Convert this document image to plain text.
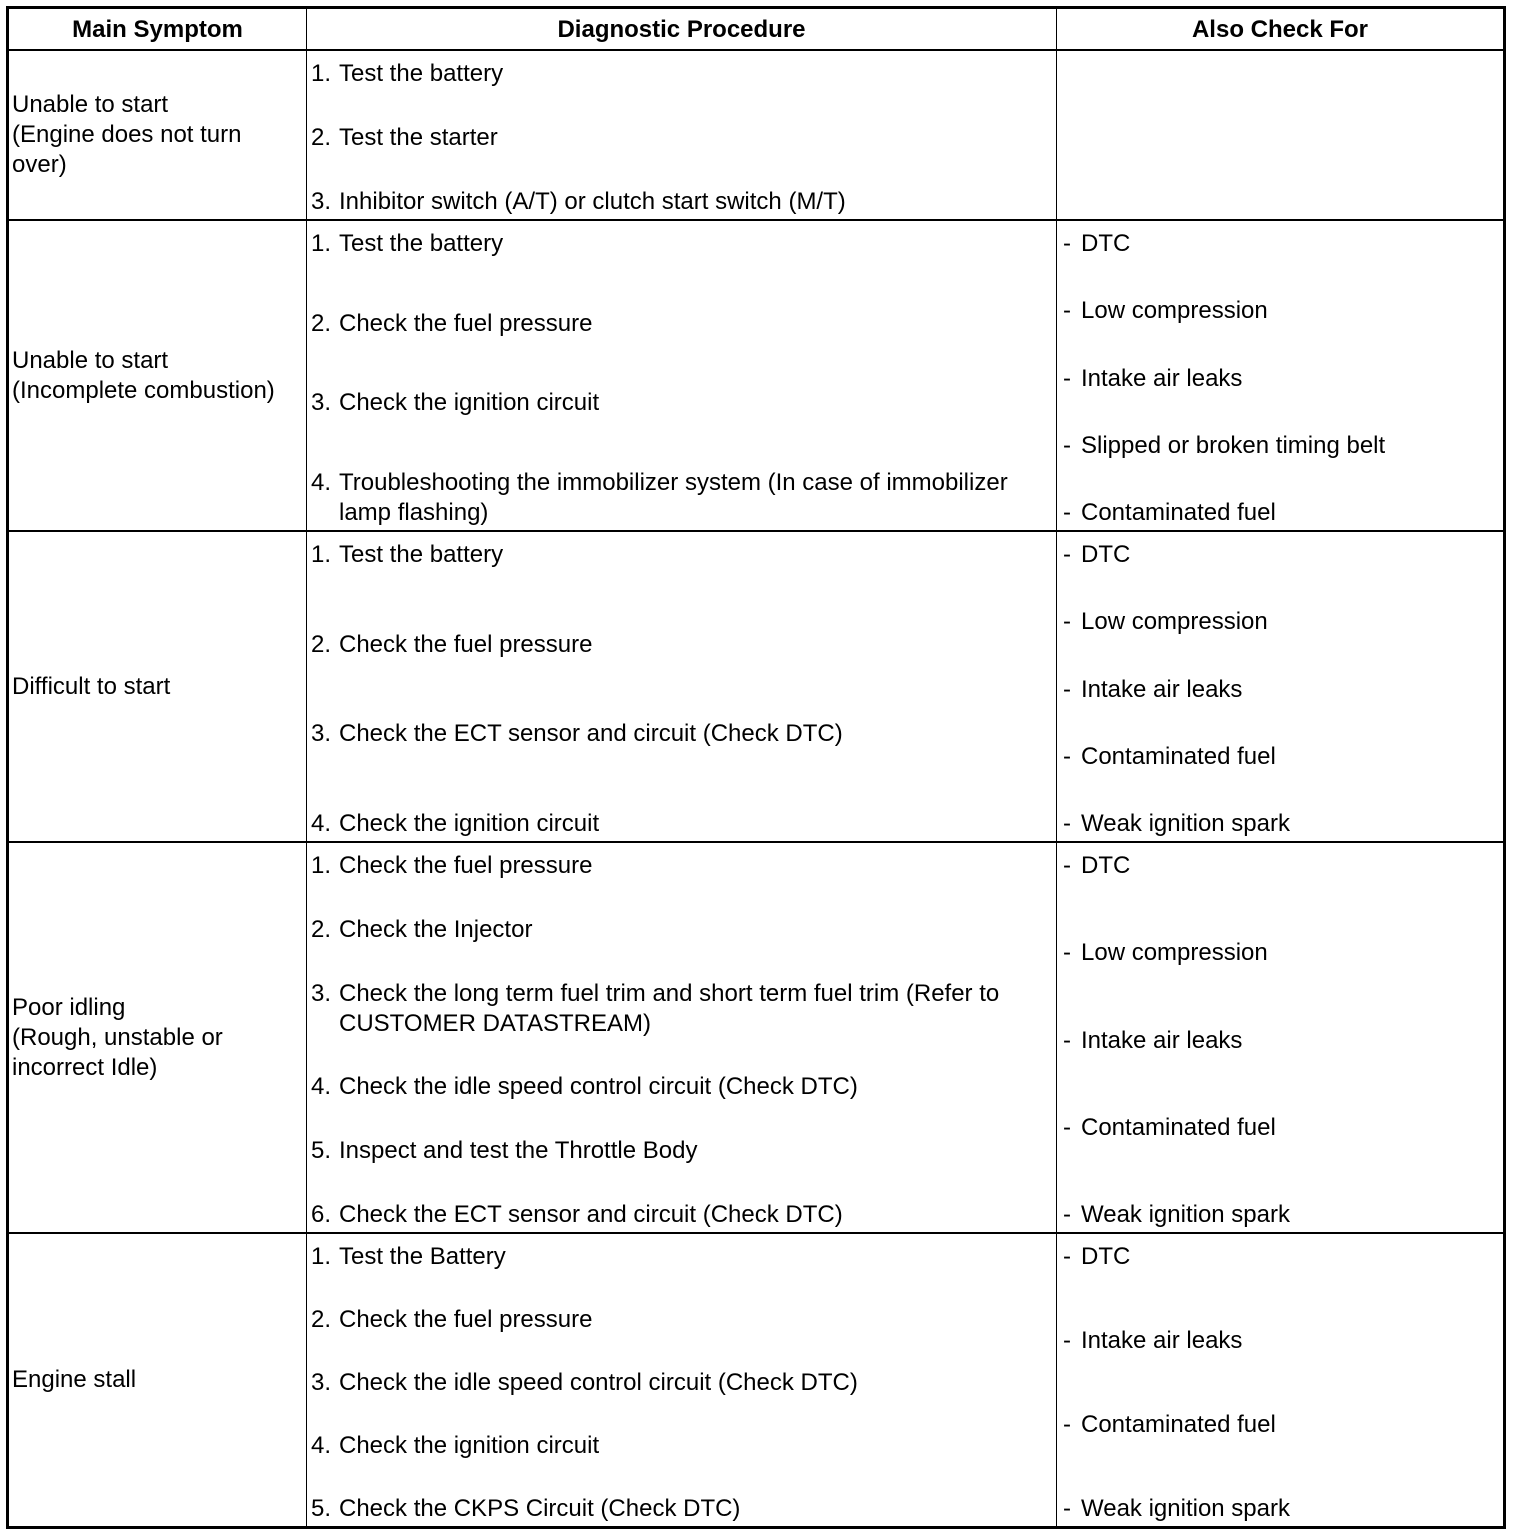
Main Symptom	Diagnostic Procedure	Also Check For
Unable to start
(Engine does not turn
over)
1. Test the battery
2. Test the starter
3. Inhibitor switch (A/T) or clutch start switch (M/T)
Unable to start
(Incomplete combustion)
1. Test the battery
2. Check the fuel pressure
3. Check the ignition circuit
4. Troubleshooting the immobilizer system (In case of immobilizer lamp flashing)
- DTC
- Low compression
- Intake air leaks
- Slipped or broken timing belt
- Contaminated fuel
Difficult to start
1. Test the battery
2. Check the fuel pressure
3. Check the ECT sensor and circuit (Check DTC)
4. Check the ignition circuit
- DTC
- Low compression
- Intake air leaks
- Contaminated fuel
- Weak ignition spark
Poor idling
(Rough, unstable or
incorrect Idle)
1. Check the fuel pressure
2. Check the Injector
3. Check the long term fuel trim and short term fuel trim (Refer to CUSTOMER DATASTREAM)
4. Check the idle speed control circuit (Check DTC)
5. Inspect and test the Throttle Body
6. Check the ECT sensor and circuit (Check DTC)
- DTC
- Low compression
- Intake air leaks
- Contaminated fuel
- Weak ignition spark
Engine stall
1. Test the Battery
2. Check the fuel pressure
3. Check the idle speed control circuit (Check DTC)
4. Check the ignition circuit
5. Check the CKPS Circuit (Check DTC)
- DTC
- Intake air leaks
- Contaminated fuel
- Weak ignition spark
